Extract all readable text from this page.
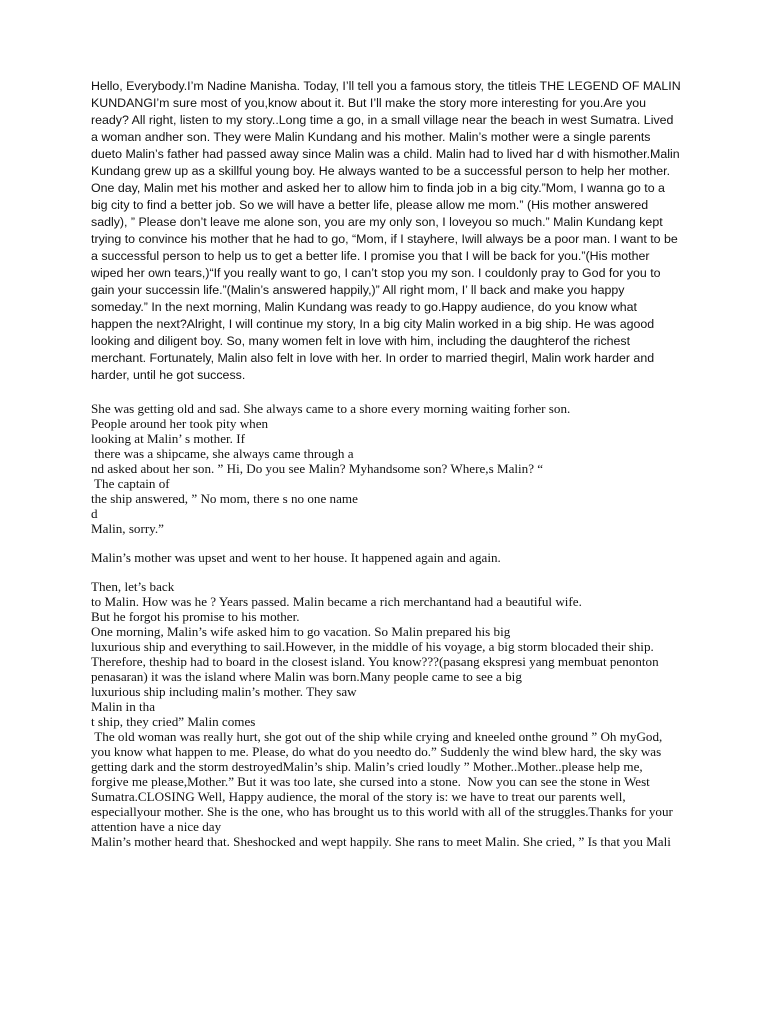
Hello, Everybody.I’m Nadine Manisha. Today, I’ll tell you a famous story, the titleis THE LEGEND OF MALIN KUNDANGI’m sure most of you,know about it. But I’ll make the story more interesting for you.Are you ready? All right, listen to my story..Long time a go, in a small village near the beach in west Sumatra. Lived a woman andher son. They were Malin Kundang and his mother. Malin’s mother were a single parents dueto Malin’s father had passed away since Malin was a child. Malin had to lived har d with hismother.Malin Kundang grew up as a skillful young boy. He always wanted to be a successful person to help her mother. One day, Malin met his mother and asked her to allow him to finda job in a big city.”Mom, I wanna go to a big city to find a better job. So we will have a better life, please allow me mom.” (His mother answered sadly), ” Please don’t leave me alone son, you are my only son, I loveyou so much.” Malin Kundang kept trying to convince his mother that he had to go, “Mom, if I stayhere, Iwill always be a poor man. I want to be a successful person to help us to get a better life. I promise you that I will be back for you.”(His mother wiped her own tears,)“If you really want to go, I can’t stop you my son. I couldonly pray to God for you to gain your successin life.”(Malin’s answered happily,)” All right mom, I’ ll back and make you happy someday.” In the next morning, Malin Kundang was ready to go.Happy audience, do you know what happen the next?Alright, I will continue my story, In a big city Malin worked in a big ship. He was agood looking and diligent boy. So, many women felt in love with him, including the daughterof the richest merchant. Fortunately, Malin also felt in love with her. In order to married thegirl, Malin work harder and harder, until he got success.

She was getting old and sad. She always came to a shore every morning waiting forher son.
People around her took pity when
looking at Malin’ s mother. If
there was a shipcame, she always came through a
nd asked about her son. ” Hi, Do you see Malin? Myhandsome son? Where,s Malin? “
The captain of
the ship answered, ” No mom, there s no one name
d
Malin, sorry.”
Malin’s mother was upset and went to her house. It happened again and again.
Then, let’s back
to Malin. How was he ? Years passed. Malin became a rich merchantand had a beautiful wife.
But he forgot his promise to his mother.
One morning, Malin’s wife asked him to go vacation. So Malin prepared his big
luxurious ship and everything to sail.However, in the middle of his voyage, a big storm blocaded their ship. Therefore, theship had to board in the closest island. You know???(pasang ekspresi yang membuat penonton penasaran) it was the island where Malin was born.Many people came to see a big
luxurious ship including malin’s mother. They saw
Malin in tha
t ship, they cried” Malin comes
The old woman was really hurt, she got out of the ship while crying and kneeled onthe ground ” Oh myGod, you know what happen to me. Please, do what do you needto do.” Suddenly the wind blew hard, the sky was getting dark and the storm destroyedMalin’s ship. Malin’s cried loudly ” Mother..Mother..please help me, forgive me please,Mother.” But it was too late, she cursed into a stone.  Now you can see the stone in West Sumatra.CLOSING Well, Happy audience, the moral of the story is: we have to treat our parents well, especiallyour mother. She is the one, who has brought us to this world with all of the struggles.Thanks for your attention have a nice day
Malin’s mother heard that. Sheshocked and wept happily. She rans to meet Malin. She cried, ” Is that you Mali
